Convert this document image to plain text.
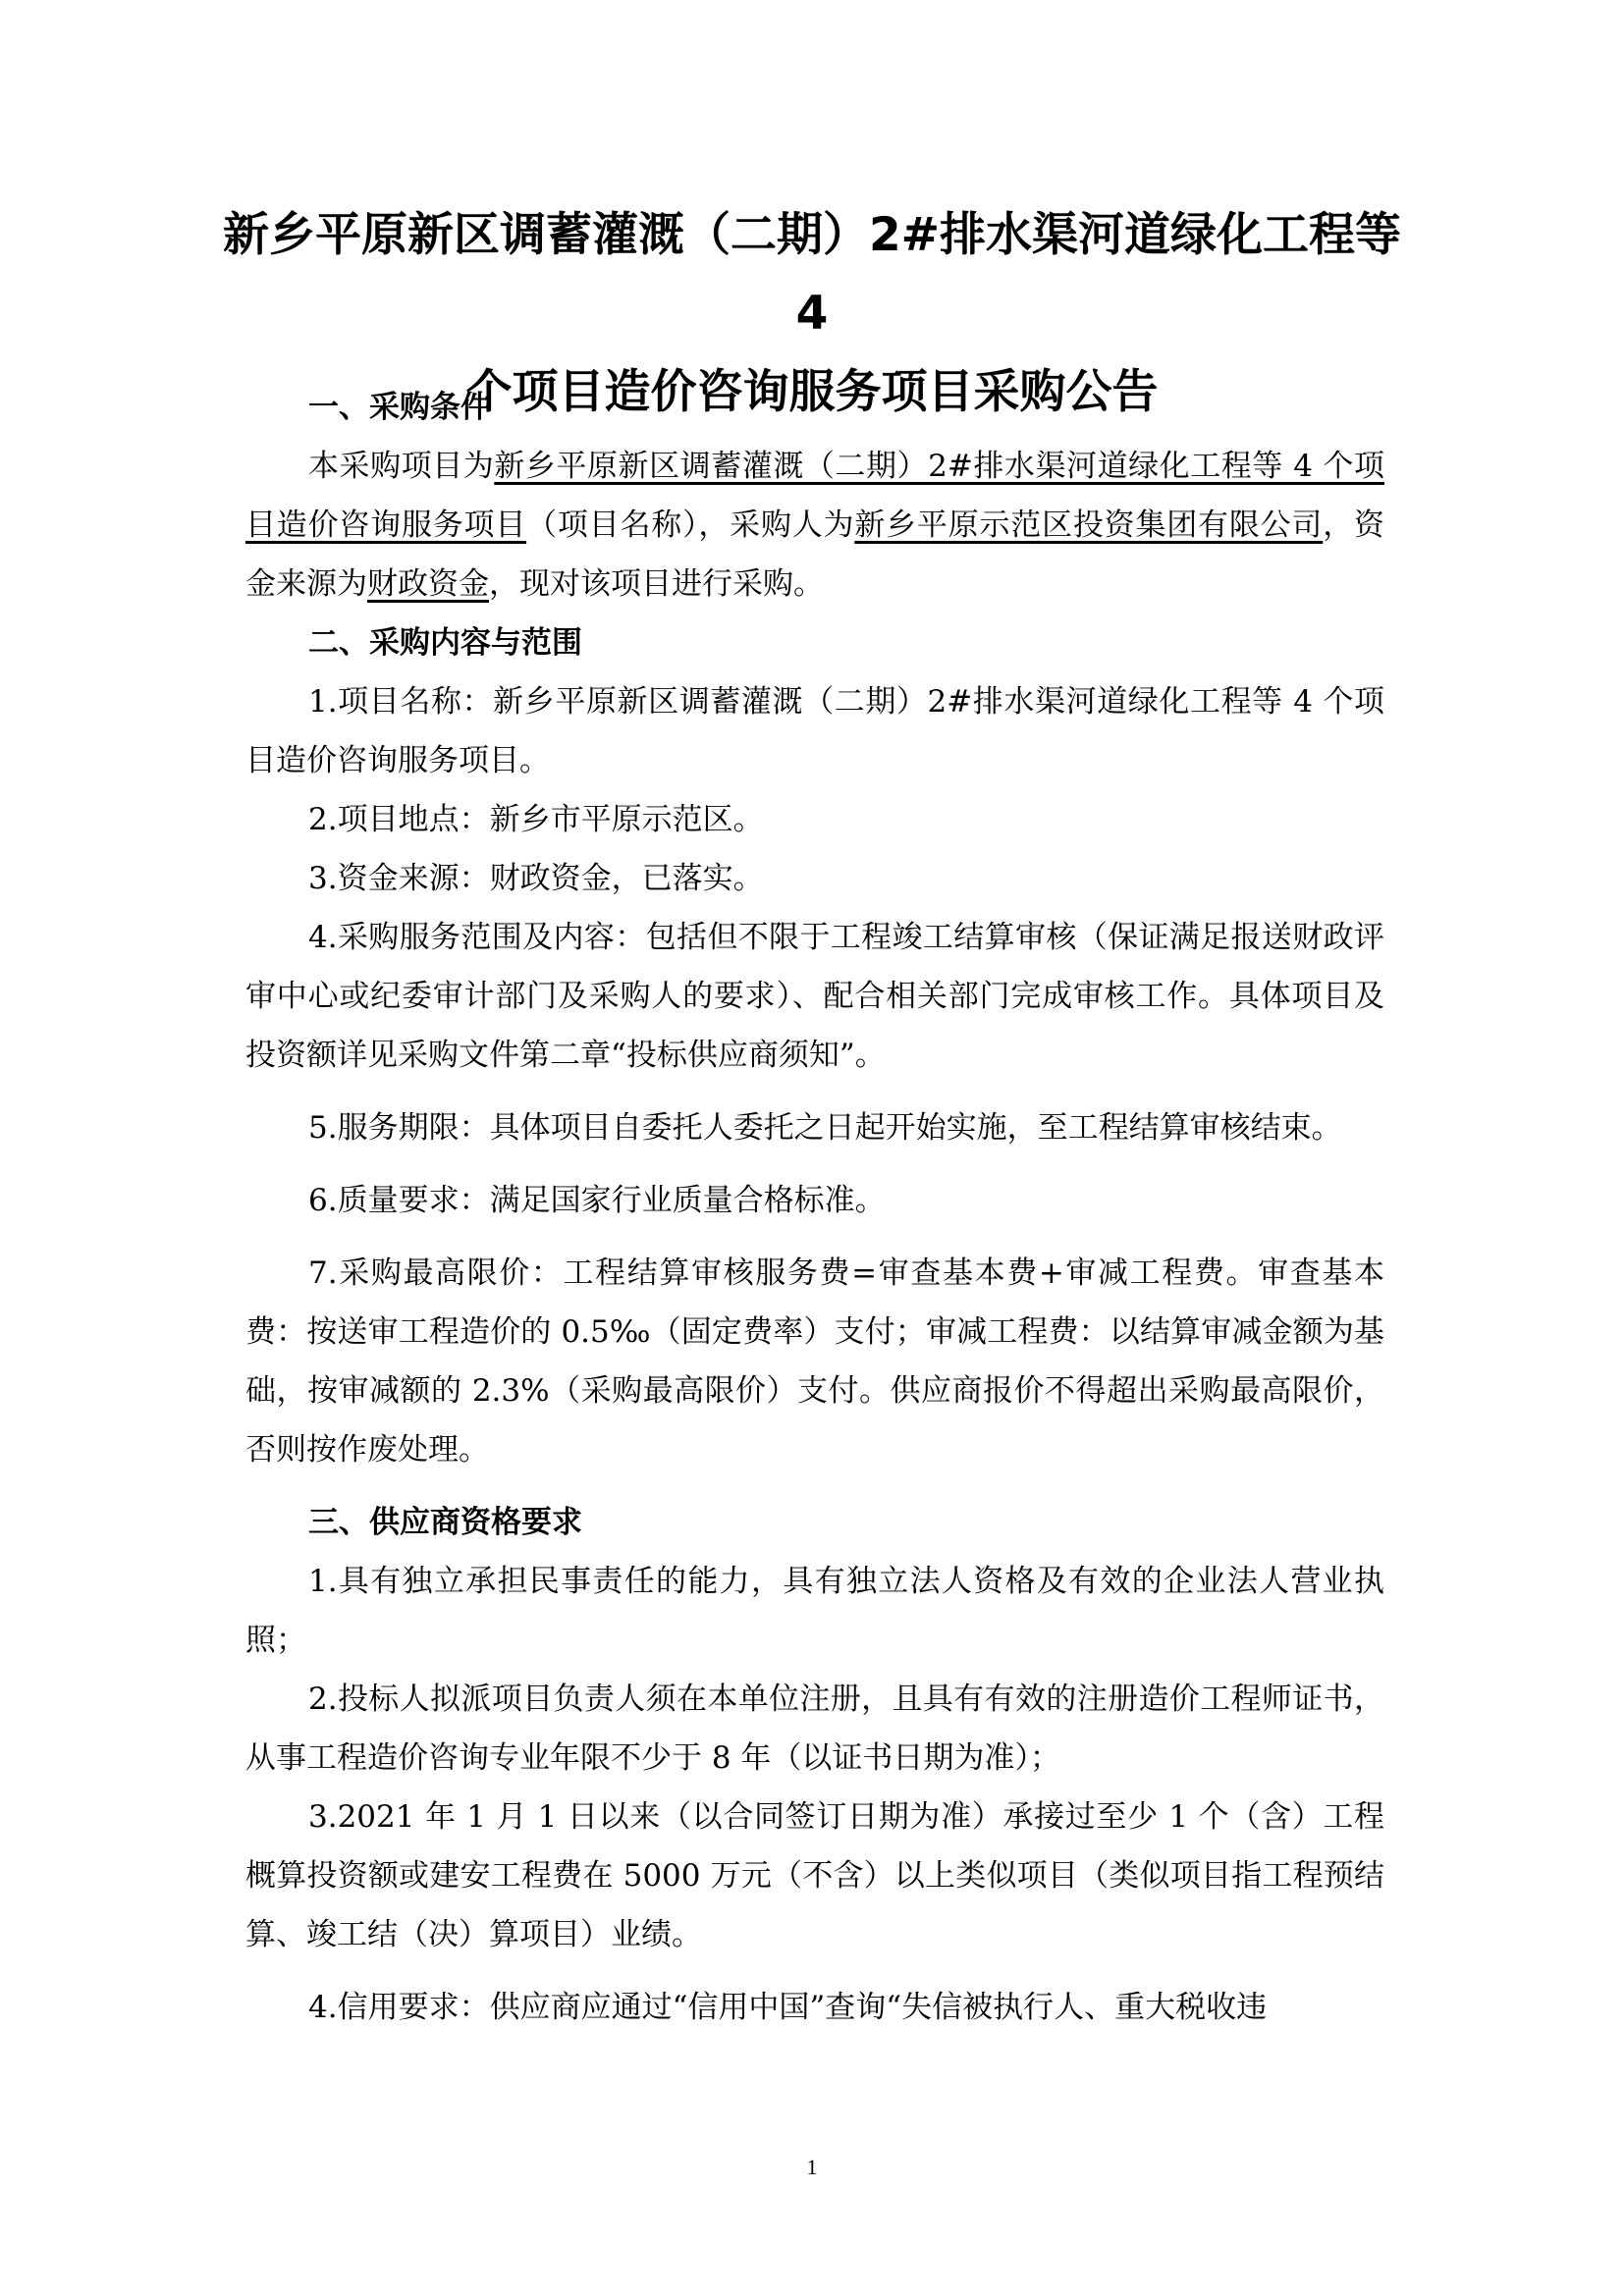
新乡平原新区调蓄灌溉（二期）2#排水渠河道绿化工程等 4
个项目造价咨询服务项目采购公告

一、采购条件

本采购项目为新乡平原新区调蓄灌溉（二期）2#排水渠河道绿化工程等 4 个项目造价咨询服务项目（项目名称），采购人为新乡平原示范区投资集团有限公司，资金来源为财政资金，现对该项目进行采购。

二、采购内容与范围

1.项目名称：新乡平原新区调蓄灌溉（二期）2#排水渠河道绿化工程等 4 个项目造价咨询服务项目。

2.项目地点：新乡市平原示范区。

3.资金来源：财政资金，已落实。

4.采购服务范围及内容：包括但不限于工程竣工结算审核（保证满足报送财政评审中心或纪委审计部门及采购人的要求）、配合相关部门完成审核工作。具体项目及投资额详见采购文件第二章“投标供应商须知”。

5.服务期限：具体项目自委托人委托之日起开始实施，至工程结算审核结束。

6.质量要求：满足国家行业质量合格标准。

7.采购最高限价：工程结算审核服务费=审查基本费+审减工程费。审查基本费：按送审工程造价的 0.5‰（固定费率）支付；审减工程费：以结算审减金额为基础，按审减额的 2.3%（采购最高限价）支付。供应商报价不得超出采购最高限价，否则按作废处理。

三、供应商资格要求

1.具有独立承担民事责任的能力，具有独立法人资格及有效的企业法人营业执照；

2.投标人拟派项目负责人须在本单位注册，且具有有效的注册造价工程师证书，从事工程造价咨询专业年限不少于 8 年（以证书日期为准）；

3.2021 年 1 月 1 日以来（以合同签订日期为准）承接过至少 1 个（含）工程概算投资额或建安工程费在 5000 万元（不含）以上类似项目（类似项目指工程预结算、竣工结（决）算项目）业绩。

4.信用要求：供应商应通过“信用中国”查询“失信被执行人、重大税收违

1
